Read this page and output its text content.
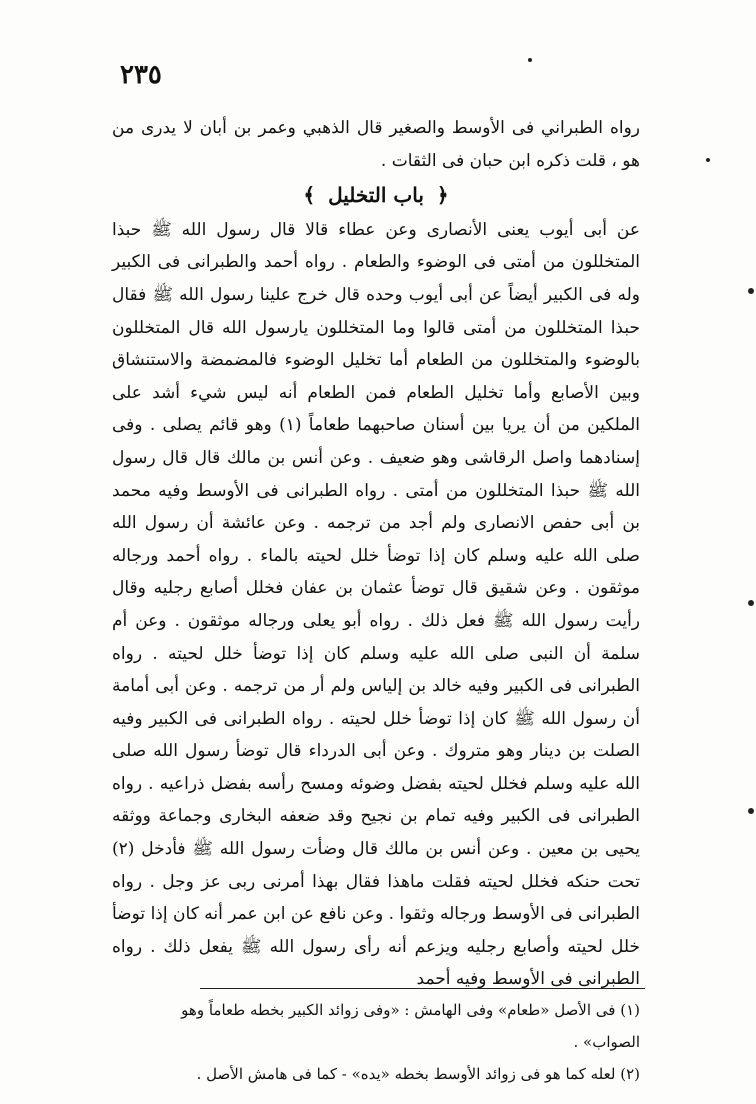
٢٣٥

رواه الطبراني فى الأوسط والصغير قال الذهبي وعمر بن أبان لا يدرى من هو ، قلت ذكره ابن حبان فى الثقات .

﴿ باب التخليل ﴾

عن أبى أيوب يعنى الأنصارى وعن عطاء قالا قال رسول الله ﷺ حبذا المتخللون من أمتى فى الوضوء والطعام . رواه أحمد والطبرانى فى الكبير وله فى الكبير أيضاً عن أبى أيوب وحده قال خرج علينا رسول الله ﷺ فقال حبذا المتخللون من أمتى قالوا وما المتخللون يارسول الله قال المتخللون بالوضوء والمتخللون من الطعام أما تخليل الوضوء فالمضمضة والاستنشاق وبين الأصابع وأما تخليل الطعام فمن الطعام أنه ليس شيء أشد على الملكين من أن يريا بين أسنان صاحبهما طعاماً (١) وهو قائم يصلى . وفى إسنادهما واصل الرقاشى وهو ضعيف . وعن أنس بن مالك قال قال رسول الله ﷺ حبذا المتخللون من أمتى . رواه الطبرانى فى الأوسط وفيه محمد بن أبى حفص الانصارى ولم أجد من ترجمه . وعن عائشة أن رسول الله صلى الله عليه وسلم كان إذا توضأ خلل لحيته بالماء . رواه أحمد ورجاله موثقون . وعن شقيق قال توضأ عثمان بن عفان فخلل أصابع رجليه وقال رأيت رسول الله ﷺ فعل ذلك . رواه أبو يعلى ورجاله موثقون . وعن أم سلمة أن النبى صلى الله عليه وسلم كان إذا توضأ خلل لحيته . رواه الطبرانى فى الكبير وفيه خالد بن إلياس ولم أر من ترجمه . وعن أبى أمامة أن رسول الله ﷺ كان إذا توضأ خلل لحيته . رواه الطبرانى فى الكبير وفيه الصلت بن دينار وهو متروك . وعن أبى الدرداء قال توضأ رسول الله صلى الله عليه وسلم فخلل لحيته بفضل وضوئه ومسح رأسه بفضل ذراعيه . رواه الطبرانى فى الكبير وفيه تمام بن نجيح وقد ضعفه البخارى وجماعة ووثقه يحيى بن معين . وعن أنس بن مالك قال وضأت رسول الله ﷺ فأدخل (٢) تحت حنكه فخلل لحيته فقلت ماهذا فقال بهذا أمرنى ربى عز وجل . رواه الطبرانى فى الأوسط ورجاله وثقوا . وعن نافع عن ابن عمر أنه كان إذا توضأ خلل لحيته وأصابع رجليه ويزعم أنه رأى رسول الله ﷺ يفعل ذلك . رواه الطبرانى فى الأوسط وفيه أحمد

(١) فى الأصل «طعام» وفى الهامش : «وفى زوائد الكبير بخطه طعاماً وهو الصواب» .

(٢) لعله كما هو فى زوائد الأوسط بخطه «يده» - كما فى هامش الأصل .
